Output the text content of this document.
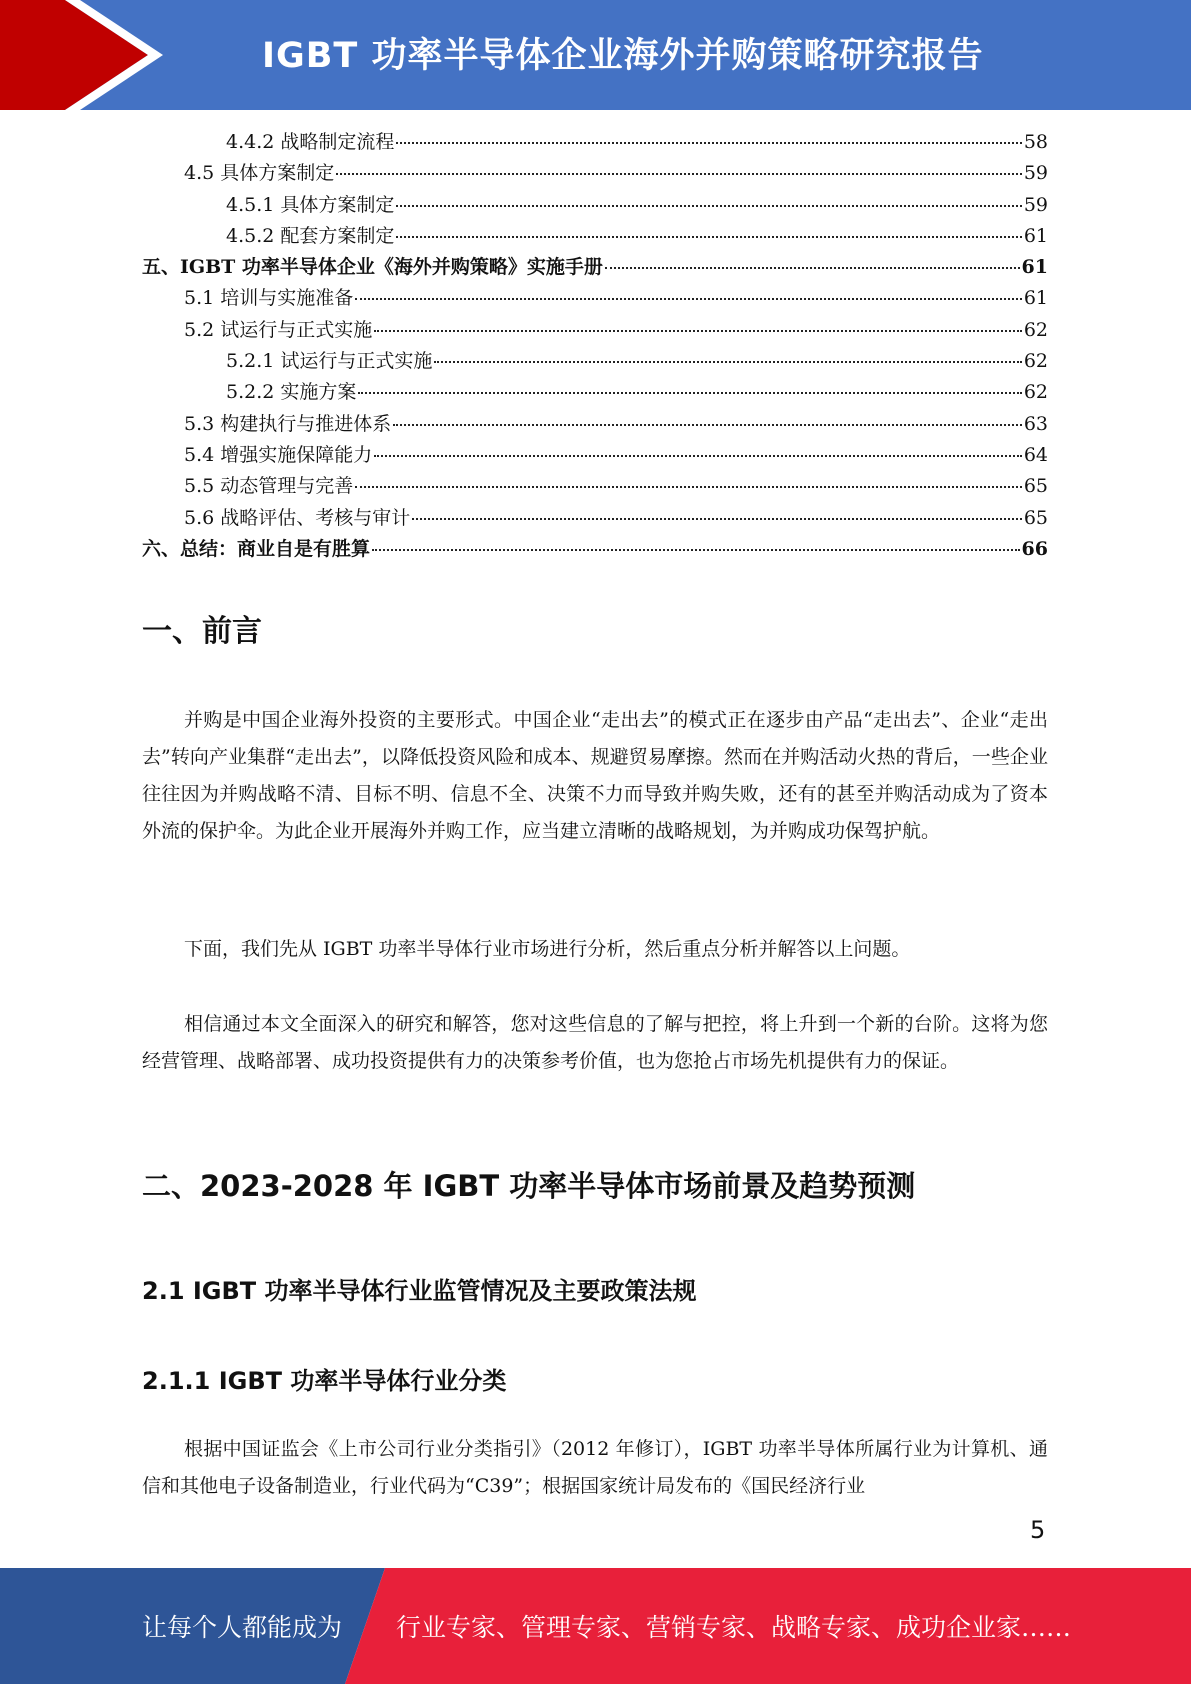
IGBT 功率半导体企业海外并购策略研究报告
4.4.2 战略制定流程	58
4.5 具体方案制定	59
4.5.1 具体方案制定	59
4.5.2 配套方案制定	61
五、IGBT 功率半导体企业《海外并购策略》实施手册	61
5.1 培训与实施准备	61
5.2 试运行与正式实施	62
5.2.1 试运行与正式实施	62
5.2.2 实施方案	62
5.3 构建执行与推进体系	63
5.4 增强实施保障能力	64
5.5 动态管理与完善	65
5.6 战略评估、考核与审计	65
六、总结：商业自是有胜算	66
一、前言
并购是中国企业海外投资的主要形式。中国企业“走出去”的模式正在逐步由产品“走出去”、企业“走出去”转向产业集群“走出去”，以降低投资风险和成本、规避贸易摩擦。然而在并购活动火热的背后，一些企业往往因为并购战略不清、目标不明、信息不全、决策不力而导致并购失败，还有的甚至并购活动成为了资本外流的保护伞。为此企业开展海外并购工作，应当建立清晰的战略规划，为并购成功保驾护航。
下面，我们先从 IGBT 功率半导体行业市场进行分析，然后重点分析并解答以上问题。
相信通过本文全面深入的研究和解答，您对这些信息的了解与把控，将上升到一个新的台阶。这将为您经营管理、战略部署、成功投资提供有力的决策参考价值，也为您抢占市场先机提供有力的保证。
二、2023-2028 年 IGBT 功率半导体市场前景及趋势预测
2.1 IGBT 功率半导体行业监管情况及主要政策法规
2.1.1 IGBT 功率半导体行业分类
根据中国证监会《上市公司行业分类指引》（2012 年修订），IGBT 功率半导体所属行业为计算机、通信和其他电子设备制造业，行业代码为“C39”；根据国家统计局发布的《国民经济行业
5
让每个人都能成为 行业专家、管理专家、营销专家、战略专家、成功企业家……
